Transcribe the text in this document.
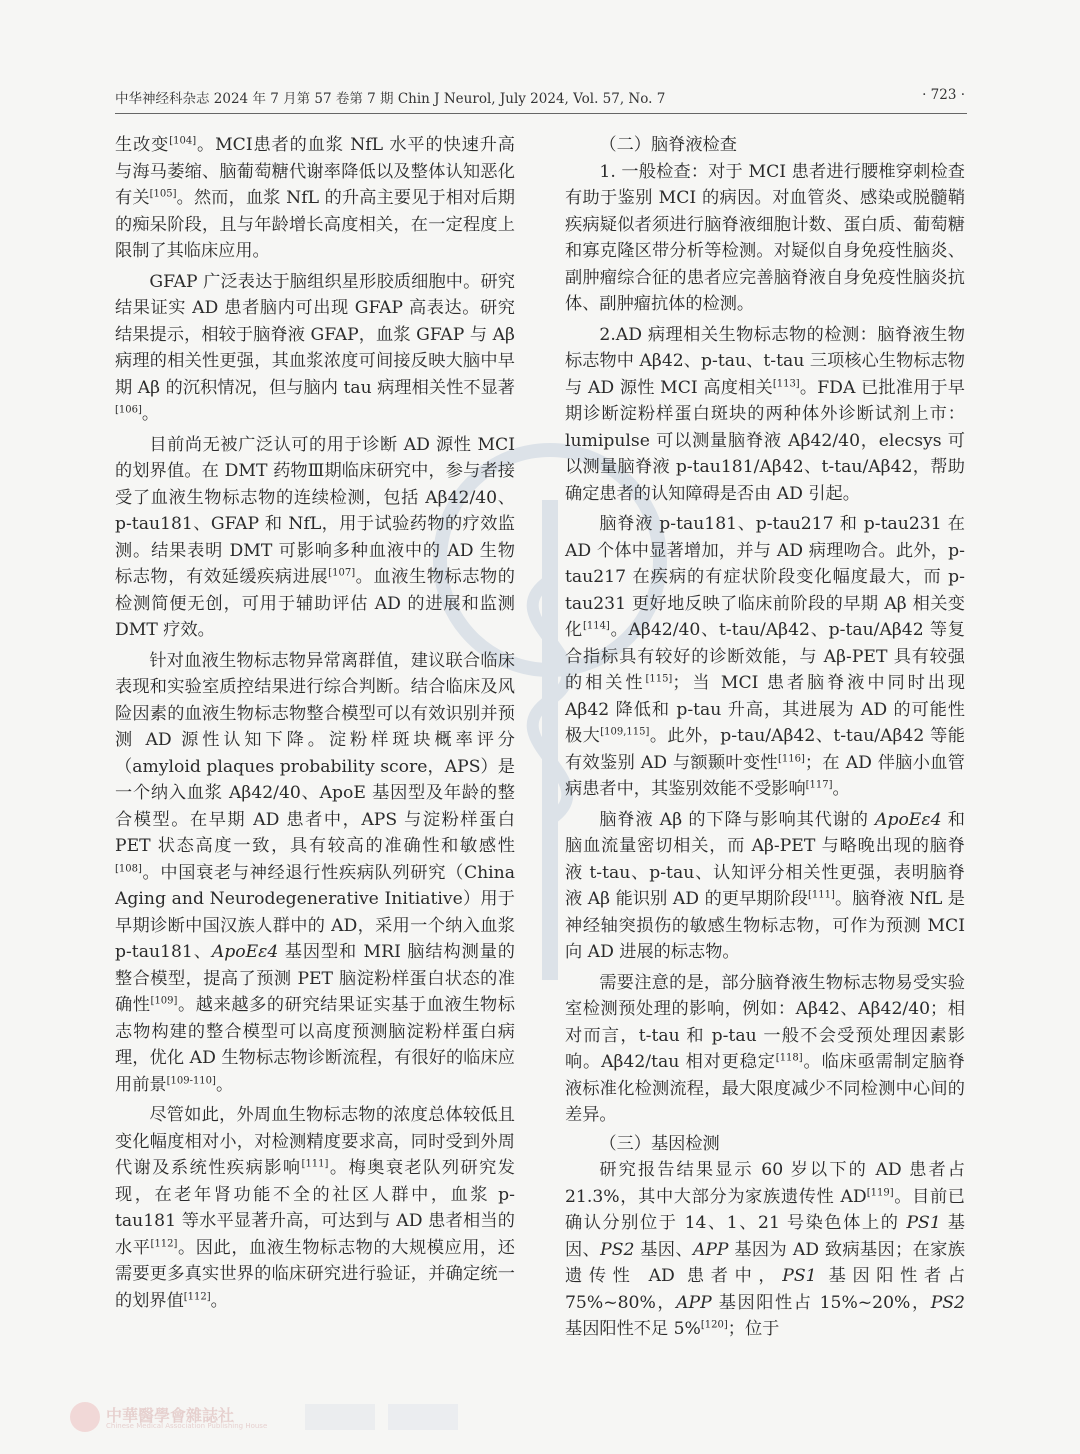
中华神经科杂志 2024 年 7 月第 57 卷第 7 期 Chin J Neurol, July 2024, Vol. 57, No. 7	· 723 ·

生改变[104]。MCI患者的血浆 NfL 水平的快速升高与海马萎缩、脑葡萄糖代谢率降低以及整体认知恶化有关[105]。然而，血浆 NfL 的升高主要见于相对后期的痴呆阶段，且与年龄增长高度相关，在一定程度上限制了其临床应用。

GFAP 广泛表达于脑组织星形胶质细胞中。研究结果证实 AD 患者脑内可出现 GFAP 高表达。研究结果提示，相较于脑脊液 GFAP，血浆 GFAP 与 Aβ 病理的相关性更强，其血浆浓度可间接反映大脑中早期 Aβ 的沉积情况，但与脑内 tau 病理相关性不显著[106]。

目前尚无被广泛认可的用于诊断 AD 源性 MCI 的划界值。在 DMT 药物Ⅲ期临床研究中，参与者接受了血液生物标志物的连续检测，包括 Aβ42/40、p-tau181、GFAP 和 NfL，用于试验药物的疗效监测。结果表明 DMT 可影响多种血液中的 AD 生物标志物，有效延缓疾病进展[107]。血液生物标志物的检测简便无创，可用于辅助评估 AD 的进展和监测 DMT 疗效。

针对血液生物标志物异常离群值，建议联合临床表现和实验室质控结果进行综合判断。结合临床及风险因素的血液生物标志物整合模型可以有效识别并预测 AD 源性认知下降。淀粉样斑块概率评分（amyloid plaques probability score，APS）是一个纳入血浆 Aβ42/40、ApoE 基因型及年龄的整合模型。在早期 AD 患者中，APS 与淀粉样蛋白 PET 状态高度一致，具有较高的准确性和敏感性[108]。中国衰老与神经退行性疾病队列研究（China Aging and Neurodegenerative Initiative）用于早期诊断中国汉族人群中的 AD，采用一个纳入血浆 p-tau181、ApoEε4 基因型和 MRI 脑结构测量的整合模型，提高了预测 PET 脑淀粉样蛋白状态的准确性[109]。越来越多的研究结果证实基于血液生物标志物构建的整合模型可以高度预测脑淀粉样蛋白病理，优化 AD 生物标志物诊断流程，有很好的临床应用前景[109-110]。

尽管如此，外周血生物标志物的浓度总体较低且变化幅度相对小，对检测精度要求高，同时受到外周代谢及系统性疾病影响[111]。梅奥衰老队列研究发现，在老年肾功能不全的社区人群中，血浆 p-tau181 等水平显著升高，可达到与 AD 患者相当的水平[112]。因此，血液生物标志物的大规模应用，还需要更多真实世界的临床研究进行验证，并确定统一的划界值[112]。

（二）脑脊液检查

1. 一般检查：对于 MCI 患者进行腰椎穿刺检查有助于鉴别 MCI 的病因。对血管炎、感染或脱髓鞘疾病疑似者须进行脑脊液细胞计数、蛋白质、葡萄糖和寡克隆区带分析等检测。对疑似自身免疫性脑炎、副肿瘤综合征的患者应完善脑脊液自身免疫性脑炎抗体、副肿瘤抗体的检测。

2.AD 病理相关生物标志物的检测：脑脊液生物标志物中 Aβ42、p-tau、t-tau 三项核心生物标志物与 AD 源性 MCI 高度相关[113]。FDA 已批准用于早期诊断淀粉样蛋白斑块的两种体外诊断试剂上市：lumipulse 可以测量脑脊液 Aβ42/40，elecsys 可以测量脑脊液 p-tau181/Aβ42、t-tau/Aβ42，帮助确定患者的认知障碍是否由 AD 引起。

脑脊液 p-tau181、p-tau217 和 p-tau231 在 AD 个体中显著增加，并与 AD 病理吻合。此外，p-tau217 在疾病的有症状阶段变化幅度最大，而 p-tau231 更好地反映了临床前阶段的早期 Aβ 相关变化[114]。Aβ42/40、t-tau/Aβ42、p-tau/Aβ42 等复合指标具有较好的诊断效能，与 Aβ-PET 具有较强的相关性[115]；当 MCI 患者脑脊液中同时出现 Aβ42 降低和 p-tau 升高，其进展为 AD 的可能性极大[109,115]。此外，p-tau/Aβ42、t-tau/Aβ42 等能有效鉴别 AD 与额颞叶变性[116]；在 AD 伴脑小血管病患者中，其鉴别效能不受影响[117]。

脑脊液 Aβ 的下降与影响其代谢的 ApoEε4 和脑血流量密切相关，而 Aβ-PET 与略晚出现的脑脊液 t-tau、p-tau、认知评分相关性更强，表明脑脊液 Aβ 能识别 AD 的更早期阶段[111]。脑脊液 NfL 是神经轴突损伤的敏感生物标志物，可作为预测 MCI 向 AD 进展的标志物。

需要注意的是，部分脑脊液生物标志物易受实验室检测预处理的影响，例如：Aβ42、Aβ42/40；相对而言，t-tau 和 p-tau 一般不会受预处理因素影响。Aβ42/tau 相对更稳定[118]。临床亟需制定脑脊液标准化检测流程，最大限度减少不同检测中心间的差异。

（三）基因检测

研究报告结果显示 60 岁以下的 AD 患者占 21.3%，其中大部分为家族遗传性 AD[119]。目前已确认分别位于 14、1、21 号染色体上的 PS1 基因、PS2 基因、APP 基因为 AD 致病基因；在家族遗传性 AD 患者中，PS1 基因阳性者占 75%~80%，APP 基因阳性占 15%~20%，PS2 基因阳性不足 5%[120]；位于

中華醫學會雜誌社
Chinese Medical Association Publishing House
